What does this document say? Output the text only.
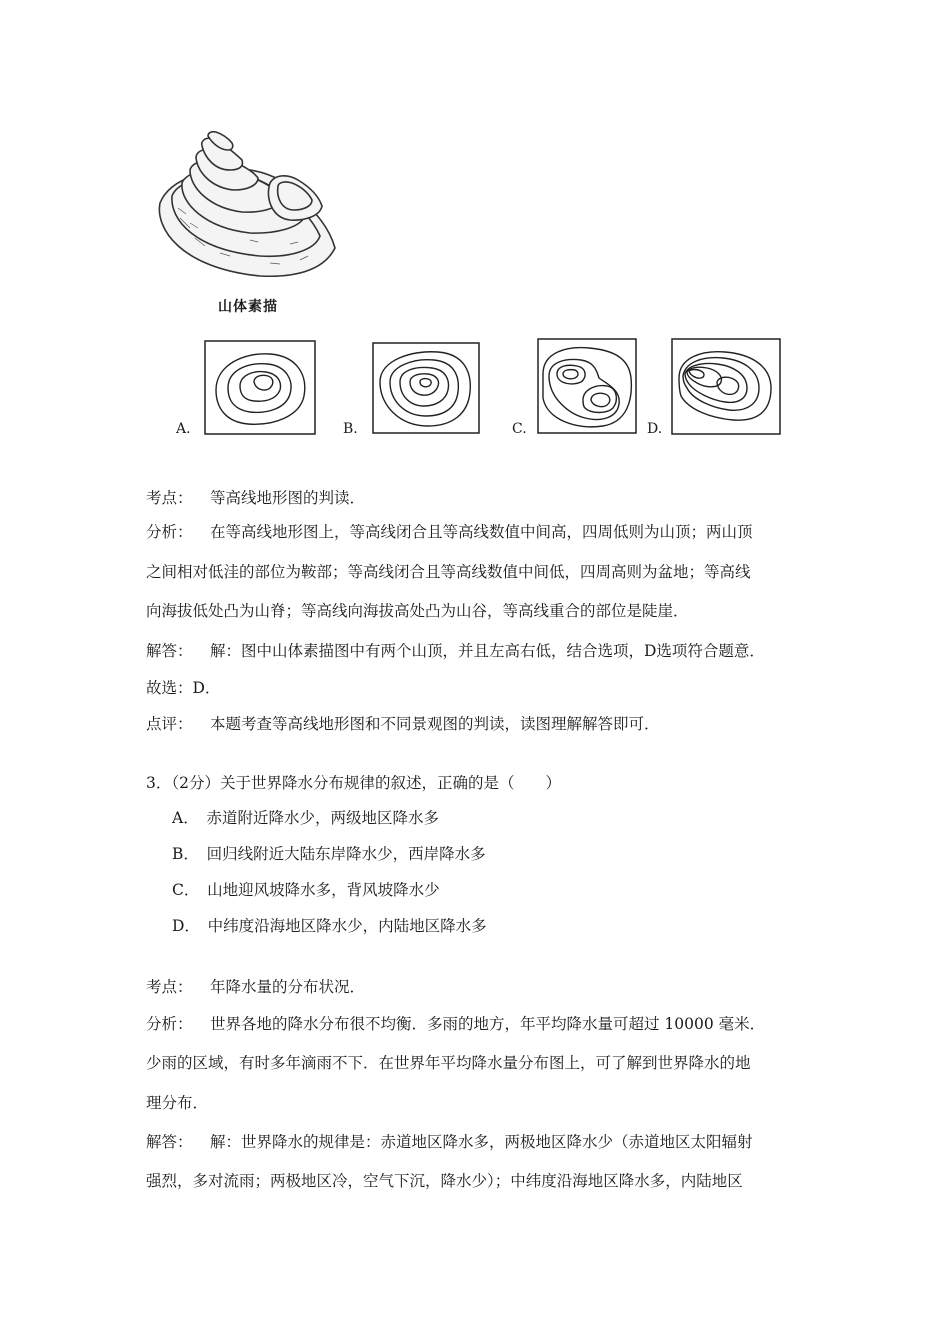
山体素描
A.	B.	C.	D.
考点： 等高线地形图的判读．
分析： 在等高线地形图上，等高线闭合且等高线数值中间高，四周低则为山顶；两山顶
之间相对低洼的部位为鞍部；等高线闭合且等高线数值中间低，四周高则为盆地；等高线
向海拔低处凸为山脊；等高线向海拔高处凸为山谷，等高线重合的部位是陡崖．
解答： 解：图中山体素描图中有两个山顶，并且左高右低，结合选项，D选项符合题意．
故选：D．
点评： 本题考查等高线地形图和不同景观图的判读，读图理解解答即可．
3．（2分）关于世界降水分布规律的叙述，正确的是（　　）
A．　赤道附近降水少，两级地区降水多
B．　回归线附近大陆东岸降水少，西岸降水多
C．　山地迎风坡降水多，背风坡降水少
D．　中纬度沿海地区降水少，内陆地区降水多
考点： 年降水量的分布状况．
分析： 世界各地的降水分布很不均衡．多雨的地方，年平均降水量可超过 10000 毫米．
少雨的区域，有时多年滴雨不下．在世界年平均降水量分布图上，可了解到世界降水的地
理分布．
解答： 解：世界降水的规律是：赤道地区降水多，两极地区降水少（赤道地区太阳辐射
强烈，多对流雨；两极地区冷，空气下沉，降水少）；中纬度沿海地区降水多，内陆地区
